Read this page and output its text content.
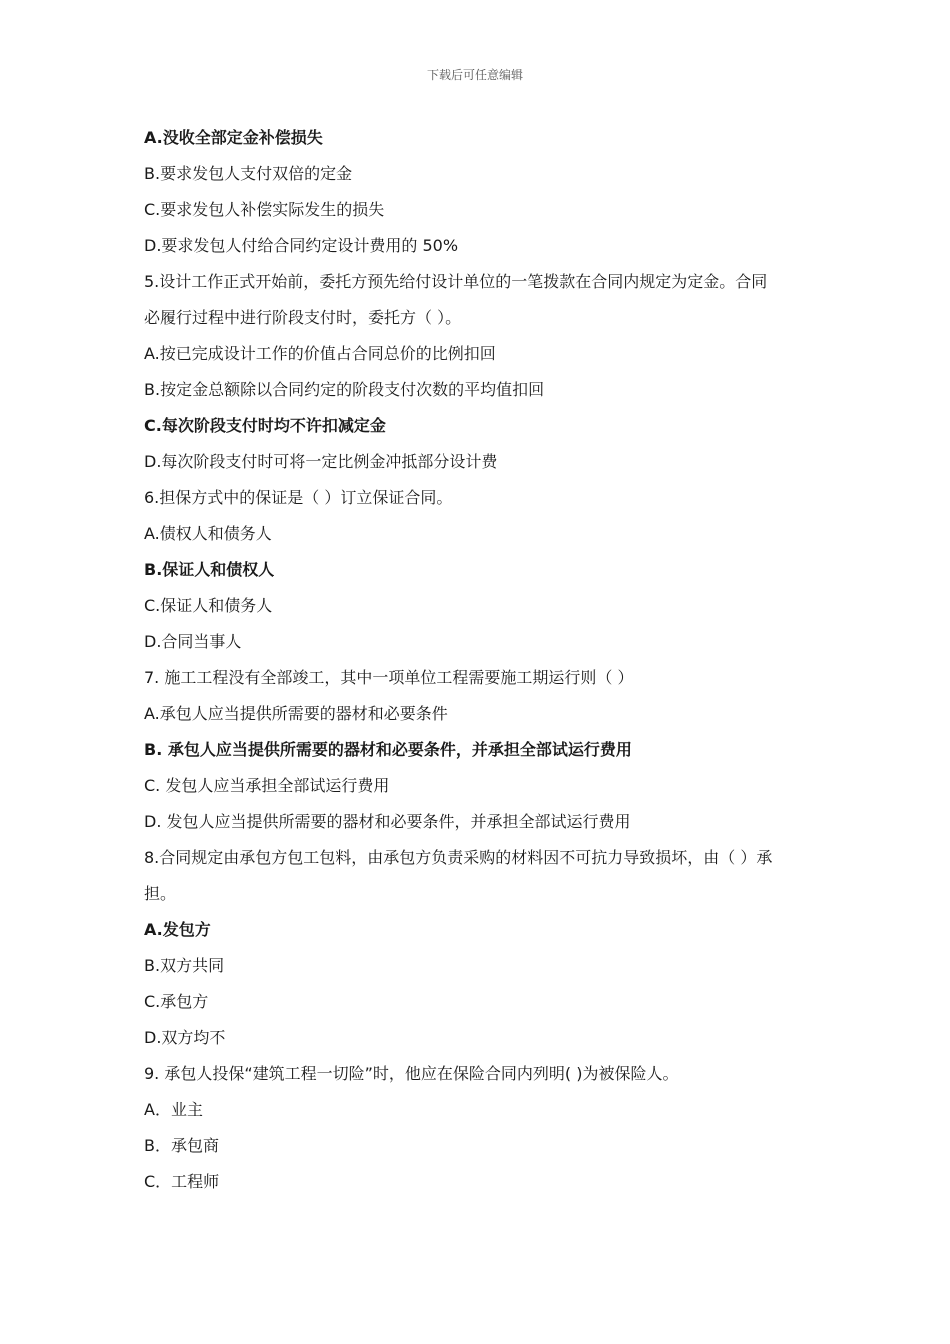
下载后可任意编辑
A.没收全部定金补偿损失
B.要求发包人支付双倍的定金
C.要求发包人补偿实际发生的损失
D.要求发包人付给合同约定设计费用的 50%
5.设计工作正式开始前，委托方预先给付设计单位的一笔拨款在合同内规定为定金。合同
必履行过程中进行阶段支付时，委托方（ ）。
A.按已完成设计工作的价值占合同总价的比例扣回
B.按定金总额除以合同约定的阶段支付次数的平均值扣回
C.每次阶段支付时均不许扣减定金
D.每次阶段支付时可将一定比例金冲抵部分设计费
6.担保方式中的保证是（ ）订立保证合同。
A.债权人和债务人
B.保证人和债权人
C.保证人和债务人
D.合同当事人
7. 施工工程没有全部竣工，其中一项单位工程需要施工期运行则（ ）
A.承包人应当提供所需要的器材和必要条件
B. 承包人应当提供所需要的器材和必要条件，并承担全部试运行费用
C. 发包人应当承担全部试运行费用
D. 发包人应当提供所需要的器材和必要条件，并承担全部试运行费用
8.合同规定由承包方包工包料，由承包方负责采购的材料因不可抗力导致损坏，由（ ）承
担。
A.发包方
B.双方共同
C.承包方
D.双方均不
9. 承包人投保“建筑工程一切险”时，他应在保险合同内列明( )为被保险人。
A．业主
B．承包商
C．工程师
